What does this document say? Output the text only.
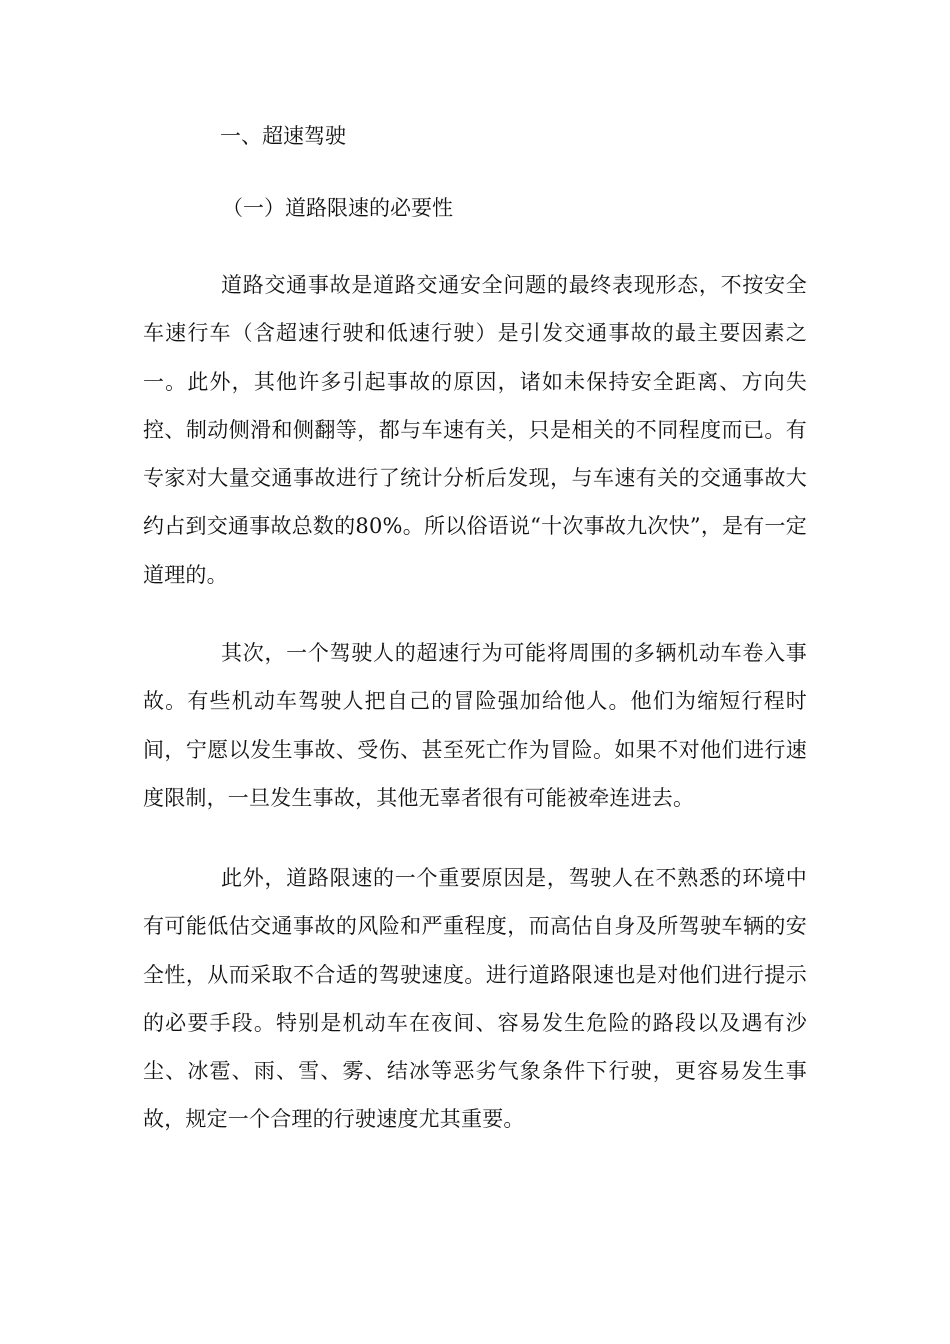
一、超速驾驶
（一）道路限速的必要性

道路交通事故是道路交通安全问题的最终表现形态，不按安全车速行车（含超速行驶和低速行驶）是引发交通事故的最主要因素之一。此外，其他许多引起事故的原因，诸如未保持安全距离、方向失控、制动侧滑和侧翻等，都与车速有关，只是相关的不同程度而已。有专家对大量交通事故进行了统计分析后发现，与车速有关的交通事故大约占到交通事故总数的80%。所以俗语说“十次事故九次快”，是有一定道理的。

其次，一个驾驶人的超速行为可能将周围的多辆机动车卷入事故。有些机动车驾驶人把自己的冒险强加给他人。他们为缩短行程时间，宁愿以发生事故、受伤、甚至死亡作为冒险。如果不对他们进行速度限制，一旦发生事故，其他无辜者很有可能被牵连进去。

此外，道路限速的一个重要原因是，驾驶人在不熟悉的环境中有可能低估交通事故的风险和严重程度，而高估自身及所驾驶车辆的安全性，从而采取不合适的驾驶速度。进行道路限速也是对他们进行提示的必要手段。特别是机动车在夜间、容易发生危险的路段以及遇有沙尘、冰雹、雨、雪、雾、结冰等恶劣气象条件下行驶，更容易发生事故，规定一个合理的行驶速度尤其重要。
